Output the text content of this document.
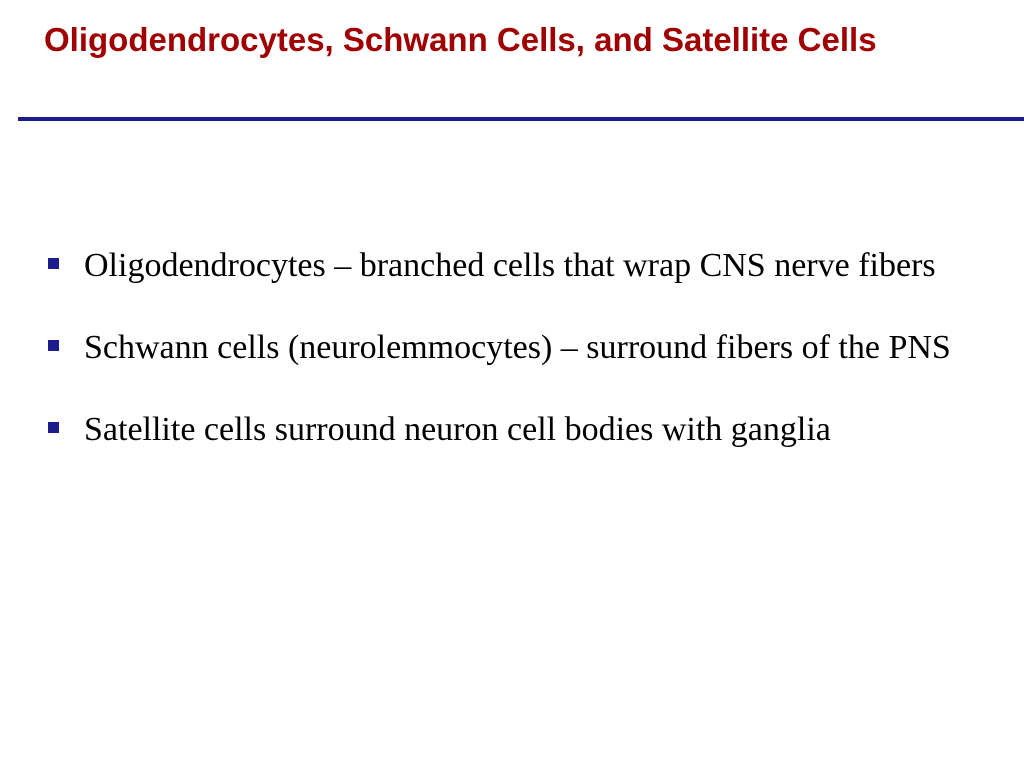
Oligodendrocytes, Schwann Cells, and Satellite Cells
Oligodendrocytes – branched cells that wrap CNS nerve fibers
Schwann cells (neurolemmocytes) – surround fibers of the PNS
Satellite cells surround neuron cell bodies with ganglia
